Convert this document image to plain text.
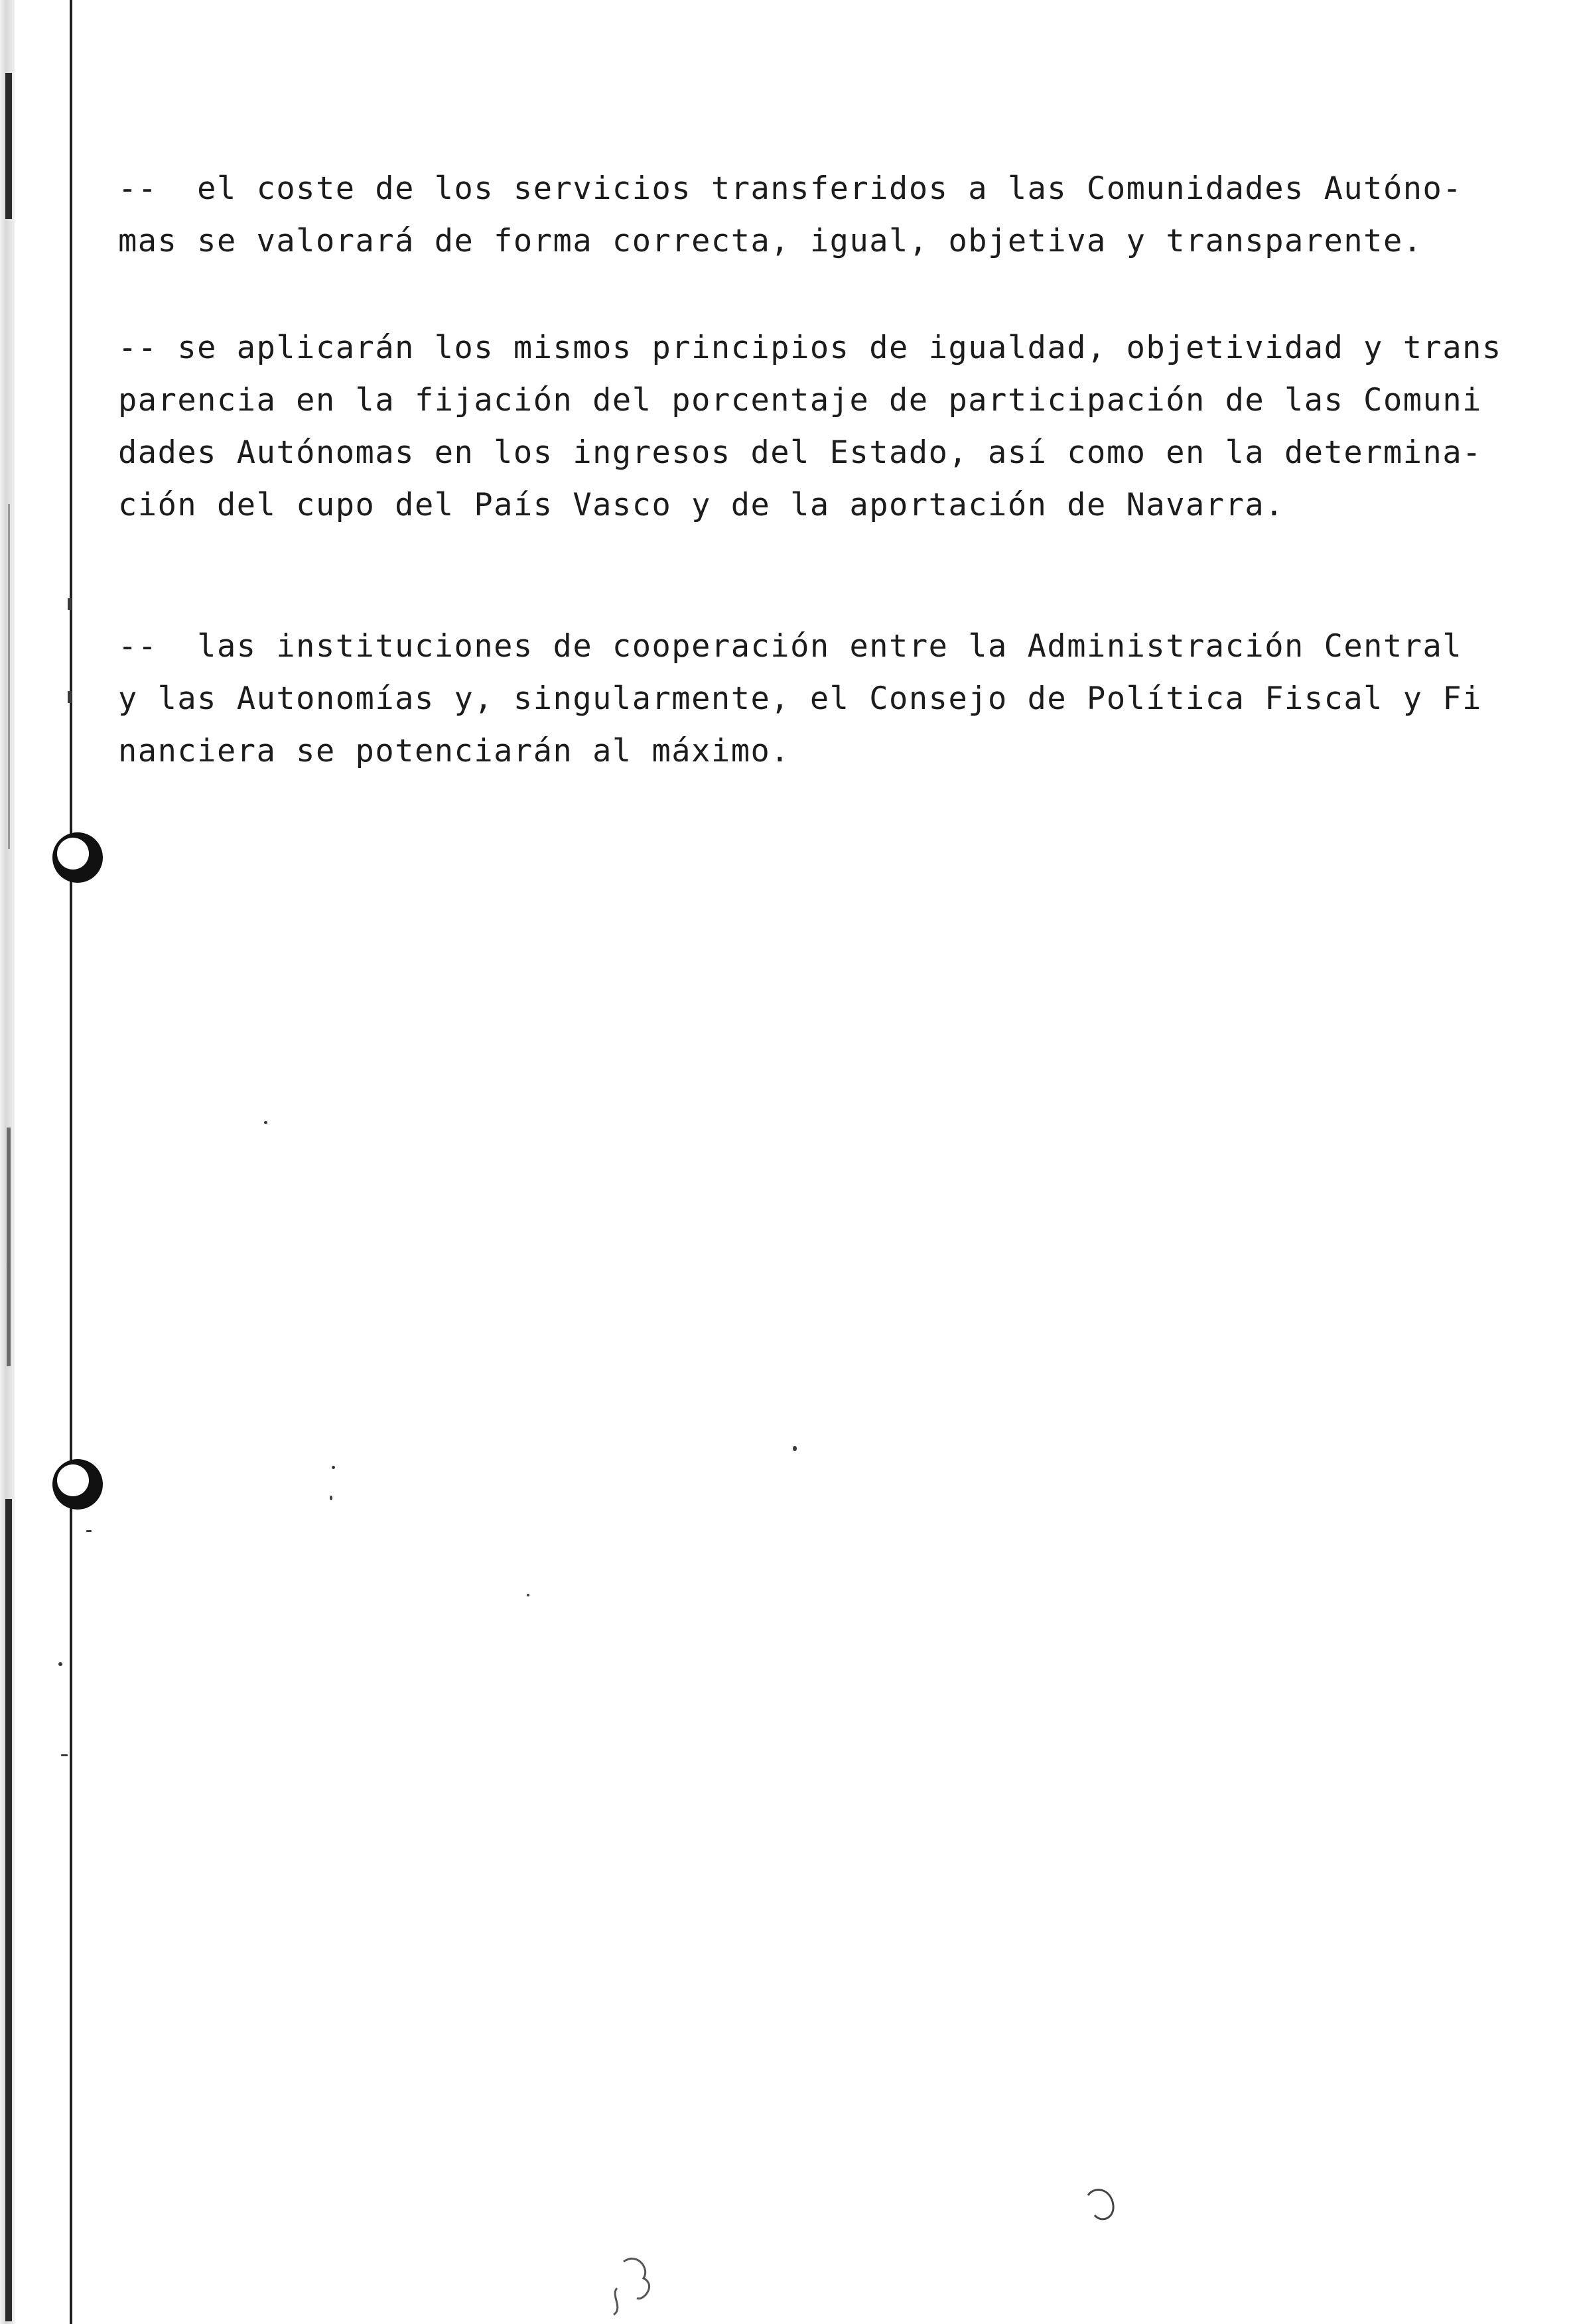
--  el coste de los servicios transferidos a las Comunidades Autóno-
mas se valorará de forma correcta, igual, objetiva y transparente.

-- se aplicarán los mismos principios de igualdad, objetividad y trans
parencia en la fijación del porcentaje de participación de las Comuni
dades Autónomas en los ingresos del Estado, así como en la determina-
ción del cupo del País Vasco y de la aportación de Navarra.

--  las instituciones de cooperación entre la Administración Central
y las Autonomías y, singularmente, el Consejo de Política Fiscal y Fi
nanciera se potenciarán al máximo.
